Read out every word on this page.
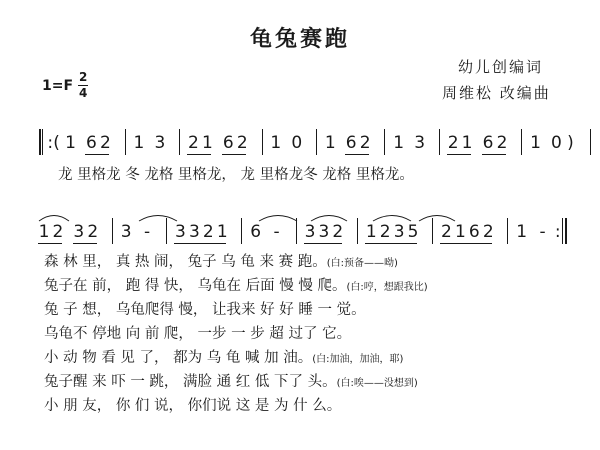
龟兔赛跑
幼儿创编词
周维松 改编曲
1=F
2
4
: ( 1 6 2 1 3 2 1 6 2 1 0 1 6 2 1 3 2 1 6 2 1 0 )
龙 里格龙 冬 龙格 里格龙， 龙 里格龙冬 龙格 里格龙。
1 2 3 2 3 - 3 3 2 1 6 - 3 3 2 1 2 3 5 2 1 6 2 1 - :
森 林 里， 真 热 闹， 兔子 乌 龟 来 赛 跑。(白:预备——呦)
兔子在 前， 跑 得 快， 乌龟在 后面 慢 慢 爬。(白:哼，想跟我比)
兔 子 想， 乌龟爬得 慢， 让我来 好 好 睡 一 觉。
乌龟不 停地 向 前 爬， 一步 一 步 超 过了 它。
小 动 物 看 见 了， 都为 乌 龟 喊 加 油。(白:加油，加油，耶)
兔子醒 来 吓 一 跳， 满脸 通 红 低 下了 头。(白:唉——没想到)
小 朋 友， 你 们 说， 你们说 这 是 为 什 么。
